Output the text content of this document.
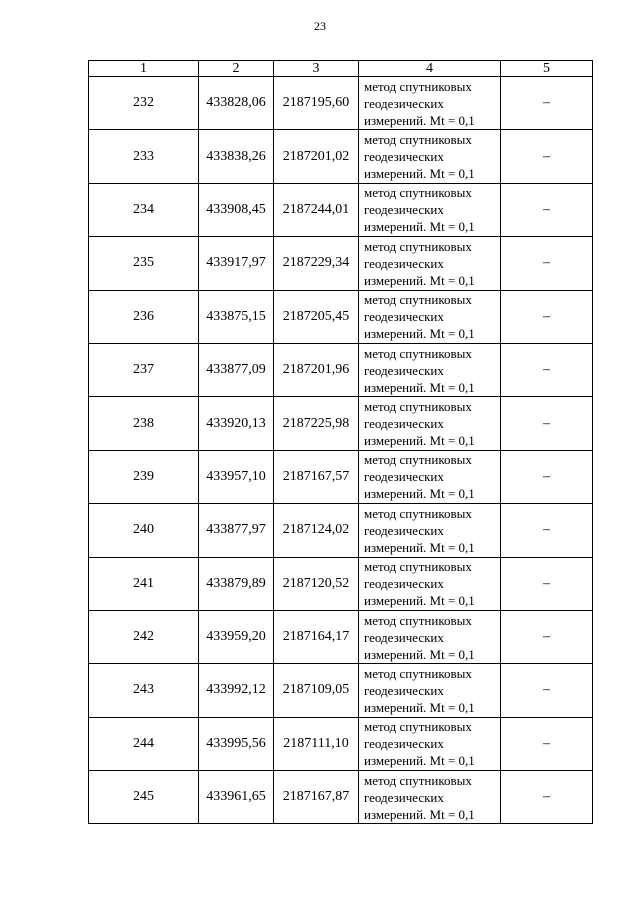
23
1	2	3	4	5
232	433828,06	2187195,60	метод спутниковых
геодезических
измерений. Mt = 0,1	–
233	433838,26	2187201,02	метод спутниковых
геодезических
измерений. Mt = 0,1	–
234	433908,45	2187244,01	метод спутниковых
геодезических
измерений. Mt = 0,1	–
235	433917,97	2187229,34	метод спутниковых
геодезических
измерений. Mt = 0,1	–
236	433875,15	2187205,45	метод спутниковых
геодезических
измерений. Mt = 0,1	–
237	433877,09	2187201,96	метод спутниковых
геодезических
измерений. Mt = 0,1	–
238	433920,13	2187225,98	метод спутниковых
геодезических
измерений. Mt = 0,1	–
239	433957,10	2187167,57	метод спутниковых
геодезических
измерений. Mt = 0,1	–
240	433877,97	2187124,02	метод спутниковых
геодезических
измерений. Mt = 0,1	–
241	433879,89	2187120,52	метод спутниковых
геодезических
измерений. Mt = 0,1	–
242	433959,20	2187164,17	метод спутниковых
геодезических
измерений. Mt = 0,1	–
243	433992,12	2187109,05	метод спутниковых
геодезических
измерений. Mt = 0,1	–
244	433995,56	2187111,10	метод спутниковых
геодезических
измерений. Mt = 0,1	–
245	433961,65	2187167,87	метод спутниковых
геодезических
измерений. Mt = 0,1	–
